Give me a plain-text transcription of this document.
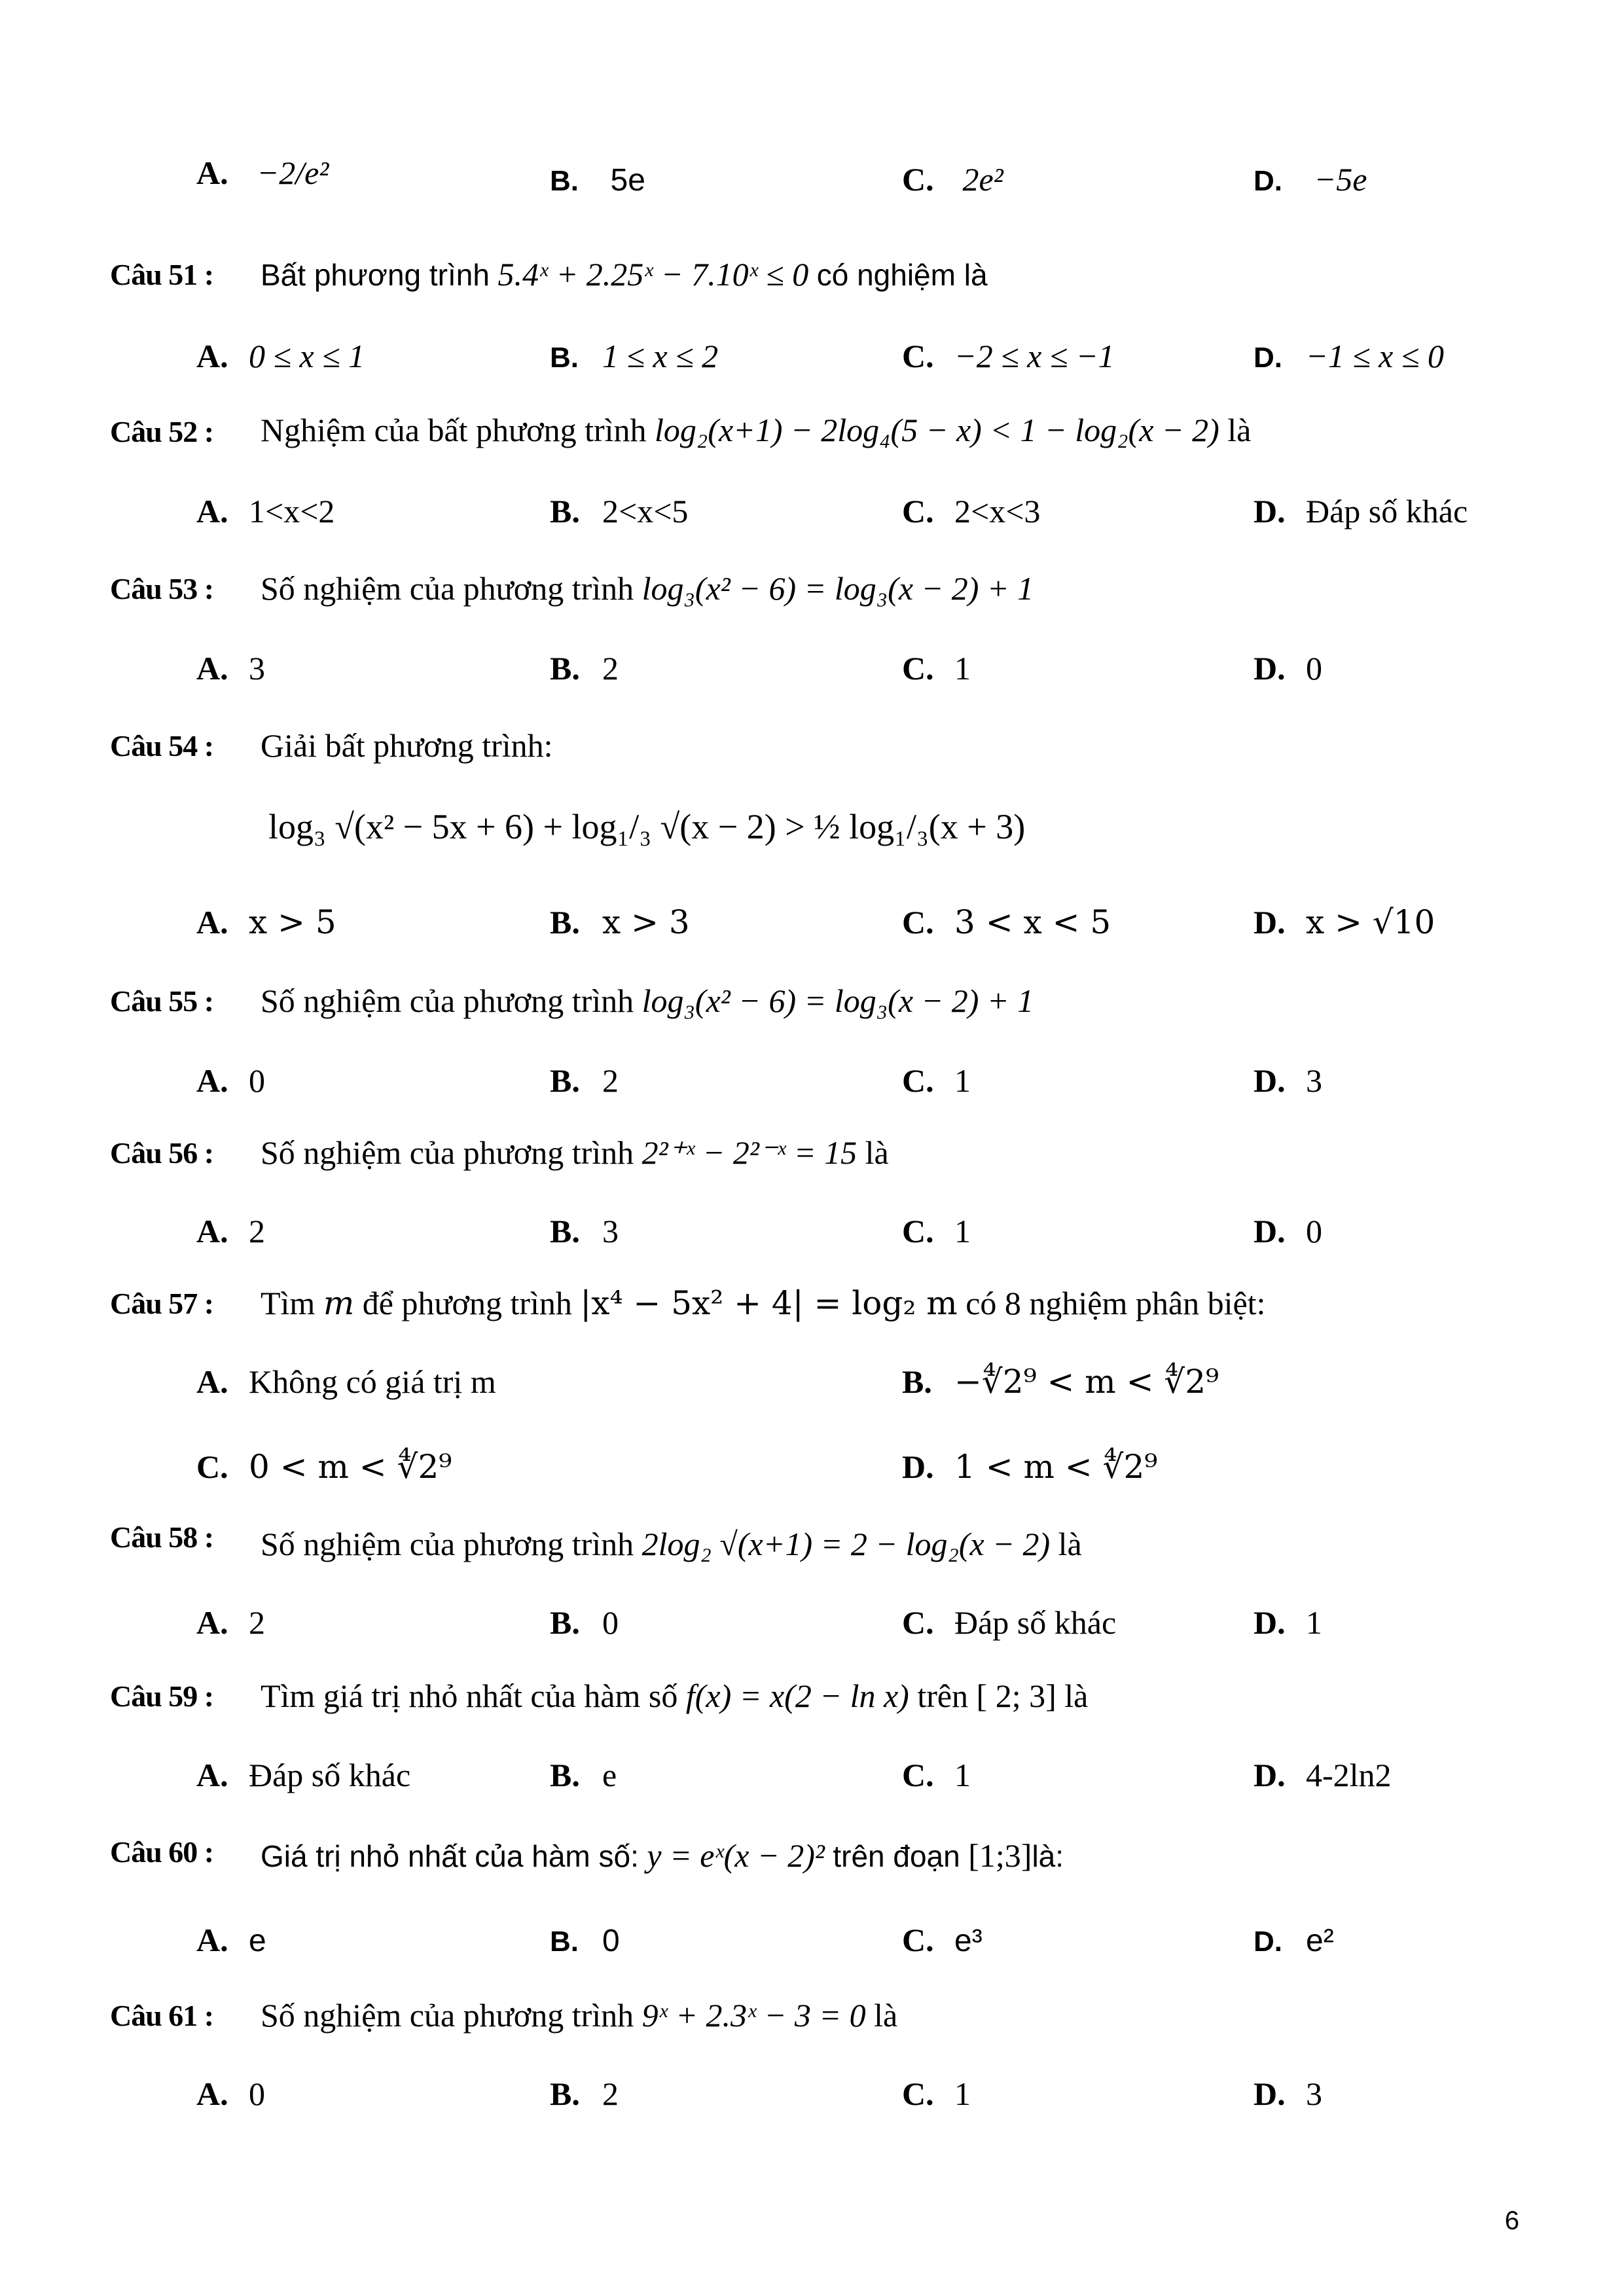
A. −2/e²	B. 5e	C. 2e²	D. −5e
Câu 51 : Bất phương trình 5.4ˣ + 2.25ˣ − 7.10ˣ ≤ 0 có nghiệm là
A. 0 ≤ x ≤ 1	B. 1 ≤ x ≤ 2	C. −2 ≤ x ≤ −1	D. −1 ≤ x ≤ 0
Câu 52 : Nghiệm của bất phương trình log₂(x+1) − 2log₄(5 − x) < 1 − log₂(x − 2) là
A. 1<x<2	B. 2<x<5	C. 2<x<3	D. Đáp số khác
Câu 53 : Số nghiệm của phương trình log₃(x² − 6) = log₃(x − 2) + 1
A. 3	B. 2	C. 1	D. 0
Câu 54 : Giải bất phương trình:
log₃ √(x² − 5x + 6) + log₁/₃ √(x − 2) > ½ log₁/₃(x + 3)
A. x > 5	B. x > 3	C. 3 < x < 5	D. x > √10
Câu 55 : Số nghiệm của phương trình log₃(x² − 6) = log₃(x − 2) + 1
A. 0	B. 2	C. 1	D. 3
Câu 56 : Số nghiệm của phương trình 2²⁺ˣ − 2²⁻ˣ = 15 là
A. 2	B. 3	C. 1	D. 0
Câu 57 : Tìm m để phương trình |x⁴ − 5x² + 4| = log₂ m có 8 nghiệm phân biệt:
A. Không có giá trị m	B. −∜2⁹ < m < ∜2⁹
C. 0 < m < ∜2⁹	D. 1 < m < ∜2⁹
Câu 58 : Số nghiệm của phương trình 2log₂ √(x+1) = 2 − log₂(x − 2) là
A. 2	B. 0	C. Đáp số khác	D. 1
Câu 59 : Tìm giá trị nhỏ nhất của hàm số f(x) = x(2 − ln x) trên [ 2; 3] là
A. Đáp số khác	B. e	C. 1	D. 4-2ln2
Câu 60 : Giá trị nhỏ nhất của hàm số: y = eˣ(x − 2)² trên đoạn [1;3]là:
A. e	B. 0	C. e³	D. e²
Câu 61 : Số nghiệm của phương trình 9ˣ + 2.3ˣ − 3 = 0 là
A. 0	B. 2	C. 1	D. 3
6
